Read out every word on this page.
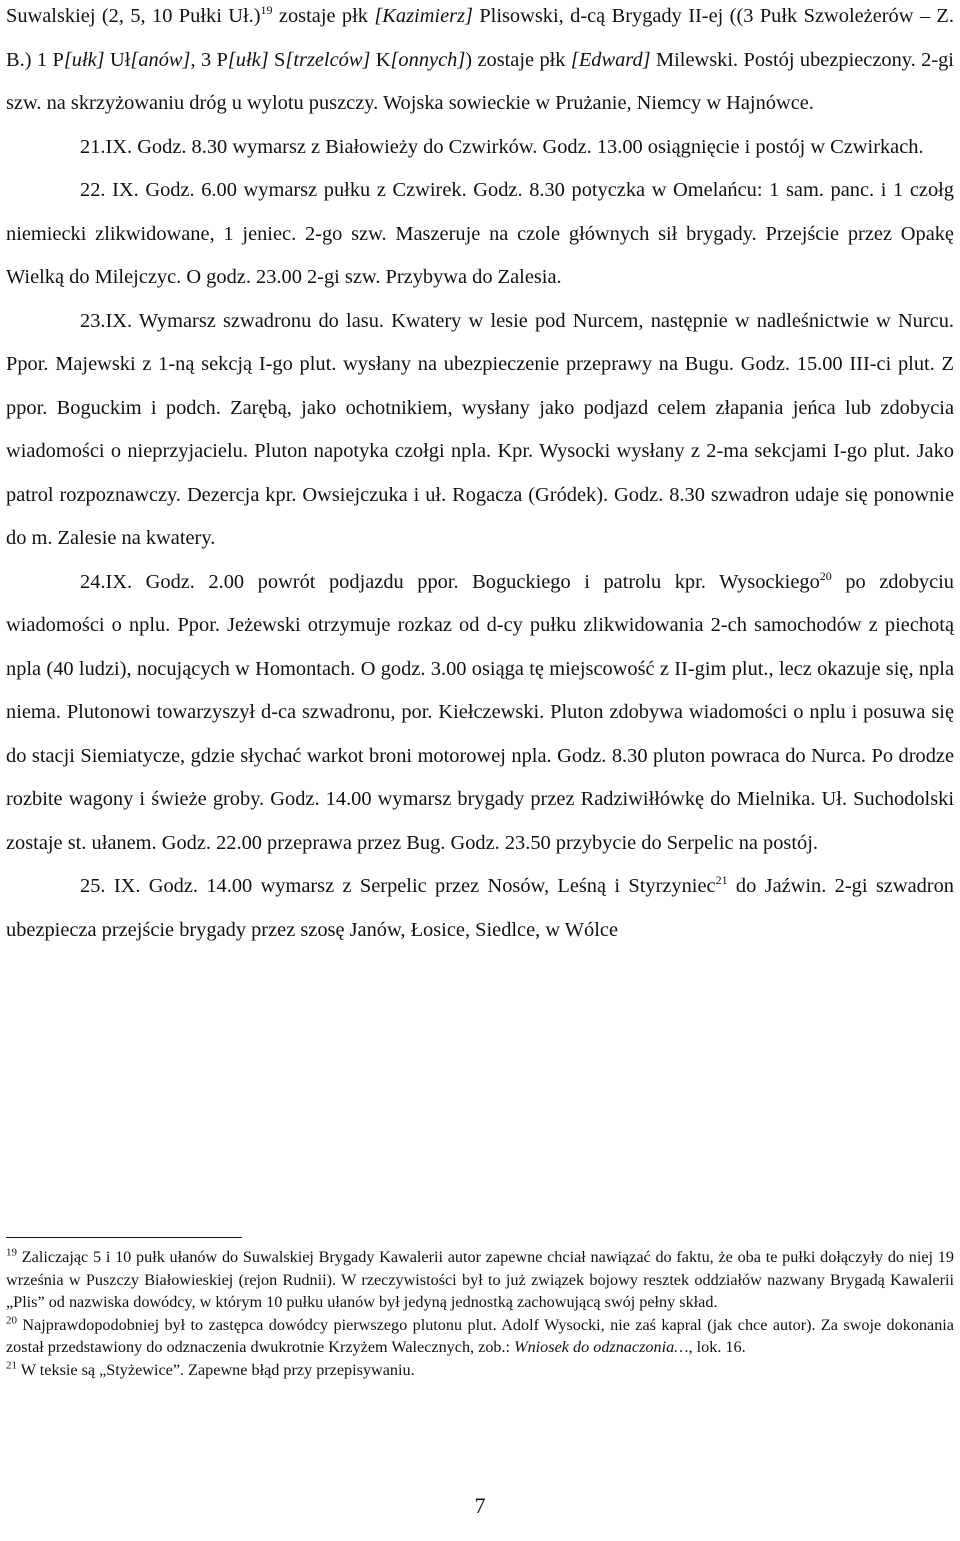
Suwalskiej (2, 5, 10 Pułki Uł.)$^{19}$ zostaje płk [Kazimierz] Plisowski, d-cą Brygady II-ej ((3 Pułk Szwoleżerów – Z. B.) 1 P[ułk] Uł[anów], 3 P[ułk] S[trzelców] K[onnych]) zostaje płk [Edward] Milewski. Postój ubezpieczony. 2-gi szw. na skrzyżowaniu dróg u wylotu puszczy. Wojska sowieckie w Prużanie, Niemcy w Hajnówce.

21.IX. Godz. 8.30 wymarsz z Białowieży do Czwirków. Godz. 13.00 osiągnięcie i postój w Czwirkach.

22. IX. Godz. 6.00 wymarsz pułku z Czwirek. Godz. 8.30 potyczka w Omelańcu: 1 sam. panc. i 1 czołg niemiecki zlikwidowane, 1 jeniec. 2-go szw. Maszeruje na czole głównych sił brygady. Przejście przez Opakę Wielką do Milejczyc. O godz. 23.00 2-gi szw. Przybywa do Zalesia.

23.IX. Wymarsz szwadronu do lasu. Kwatery w lesie pod Nurcem, następnie w nadleśnictwie w Nurcu. Ppor. Majewski z 1-ną sekcją I-go plut. wysłany na ubezpieczenie przeprawy na Bugu. Godz. 15.00 III-ci plut. Z ppor. Boguckim i podch. Zarębą, jako ochotnikiem, wysłany jako podjazd celem złapania jeńca lub zdobycia wiadomości o nieprzyjacielu. Pluton napotyka czołgi npla. Kpr. Wysocki wysłany z 2-ma sekcjami I-go plut. Jako patrol rozpoznawczy. Dezercja kpr. Owsiejczuka i uł. Rogacza (Gródek). Godz. 8.30 szwadron udaje się ponownie do m. Zalesie na kwatery.

24.IX. Godz. 2.00 powrót podjazdu ppor. Boguckiego i patrolu kpr. Wysockiego$^{20}$ po zdobyciu wiadomości o nplu. Ppor. Jeżewski otrzymuje rozkaz od d-cy pułku zlikwidowania 2-ch samochodów z piechotą npla (40 ludzi), nocujących w Homontach. O godz. 3.00 osiąga tę miejscowość z II-gim plut., lecz okazuje się, npla niema. Plutonowi towarzyszył d-ca szwadronu, por. Kiełczewski. Pluton zdobywa wiadomości o nplu i posuwa się do stacji Siemiatycze, gdzie słychać warkot broni motorowej npla. Godz. 8.30 pluton powraca do Nurca. Po drodze rozbite wagony i świeże groby. Godz. 14.00 wymarsz brygady przez Radziwiłłówkę do Mielnika. Uł. Suchodolski zostaje st. ułanem. Godz. 22.00 przeprawa przez Bug. Godz. 23.50 przybycie do Serpelic na postój.

25. IX. Godz. 14.00 wymarsz z Serpelic przez Nosów, Leśną i Styrzyniec$^{21}$ do Jaźwin. 2-gi szwadron ubezpiecza przejście brygady przez szosę Janów, Łosice, Siedlce, w Wólce

$^{19}$ Zaliczając 5 i 10 pułk ułanów do Suwalskiej Brygady Kawalerii autor zapewne chciał nawiązać do faktu, że oba te pułki dołączyły do niej 19 września w Puszczy Białowieskiej (rejon Rudnii). W rzeczywistości był to już związek bojowy resztek oddziałów nazwany Brygadą Kawalerii „Plis” od nazwiska dowódcy, w którym 10 pułku ułanów był jedyną jednostką zachowującą swój pełny skład.

$^{20}$ Najprawdopodobniej był to zastępca dowódcy pierwszego plutonu plut. Adolf Wysocki, nie zaś kapral (jak chce autor). Za swoje dokonania został przedstawiony do odznaczenia dwukrotnie Krzyżem Walecznych, zob.: Wniosek do odznaczonia…, lok. 16.

$^{21}$ W teksie są „Styżewice”. Zapewne błąd przy przepisywaniu.

7
